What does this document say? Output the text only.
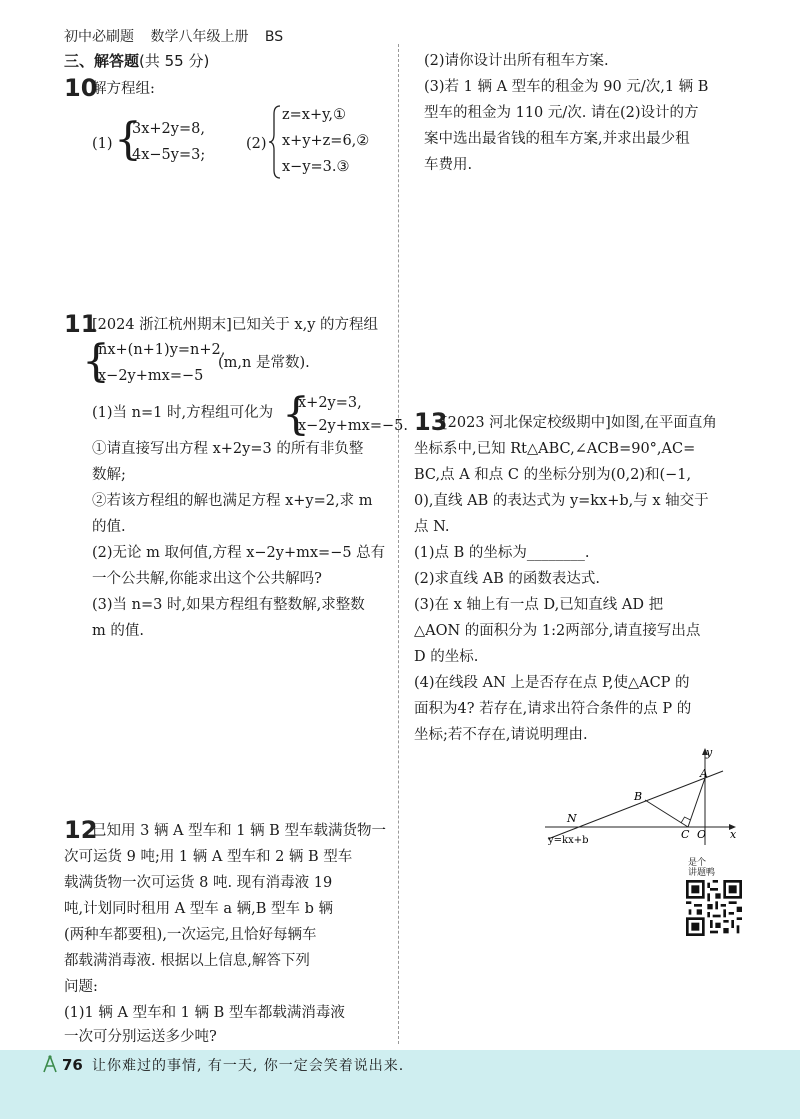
初中必刷题 数学八年级上册 BS
三、解答题(共 55 分)
10
解方程组:
(1) {
3x+2y=8,
4x−5y=3;
(2)
z=x+y,①
x+y+z=6,②
x−y=3.③
11
[2024 浙江杭州期末]已知关于 x,y 的方程组
{
nx+(n+1)y=n+2,
x−2y+mx=−5
(m,n 是常数).
(1)当 n=1 时,方程组可化为 {
x+2y=3,
x−2y+mx=−5.
①请直接写出方程 x+2y=3 的所有非负整
数解;
②若该方程组的解也满足方程 x+y=2,求 m
的值.
(2)无论 m 取何值,方程 x−2y+mx=−5 总有
一个公共解,你能求出这个公共解吗?
(3)当 n=3 时,如果方程组有整数解,求整数
m 的值.
12
已知用 3 辆 A 型车和 1 辆 B 型车载满货物一
次可运货 9 吨;用 1 辆 A 型车和 2 辆 B 型车
载满货物一次可运货 8 吨. 现有消毒液 19
吨,计划同时租用 A 型车 a 辆,B 型车 b 辆
(两种车都要租),一次运完,且恰好每辆车
都载满消毒液. 根据以上信息,解答下列
问题:
(1)1 辆 A 型车和 1 辆 B 型车都载满消毒液
一次可分别运送多少吨?
(2)请你设计出所有租车方案.
(3)若 1 辆 A 型车的租金为 90 元/次,1 辆 B
型车的租金为 110 元/次. 请在(2)设计的方
案中选出最省钱的租车方案,并求出最少租
车费用.
13
[2023 河北保定校级期中]如图,在平面直角
坐标系中,已知 Rt△ABC,∠ACB=90°,AC=
BC,点 A 和点 C 的坐标分别为(0,2)和(−1,
0),直线 AB 的表达式为 y=kx+b,与 x 轴交于
点 N.
(1)点 B 的坐标为________.
(2)求直线 AB 的函数表达式.
(3)在 x 轴上有一点 D,已知直线 AD 把
△AON 的面积分为 1:2两部分,请直接写出点
D 的坐标.
(4)在线段 AN 上是否存在点 P,使△ACP 的
面积为4? 若存在,请求出符合条件的点 P 的
坐标;若不存在,请说明理由.
y
x
A
B
C O
N
y=kx+b
是个
讲题鸭
76 让你难过的事情, 有一天, 你一定会笑着说出来.
